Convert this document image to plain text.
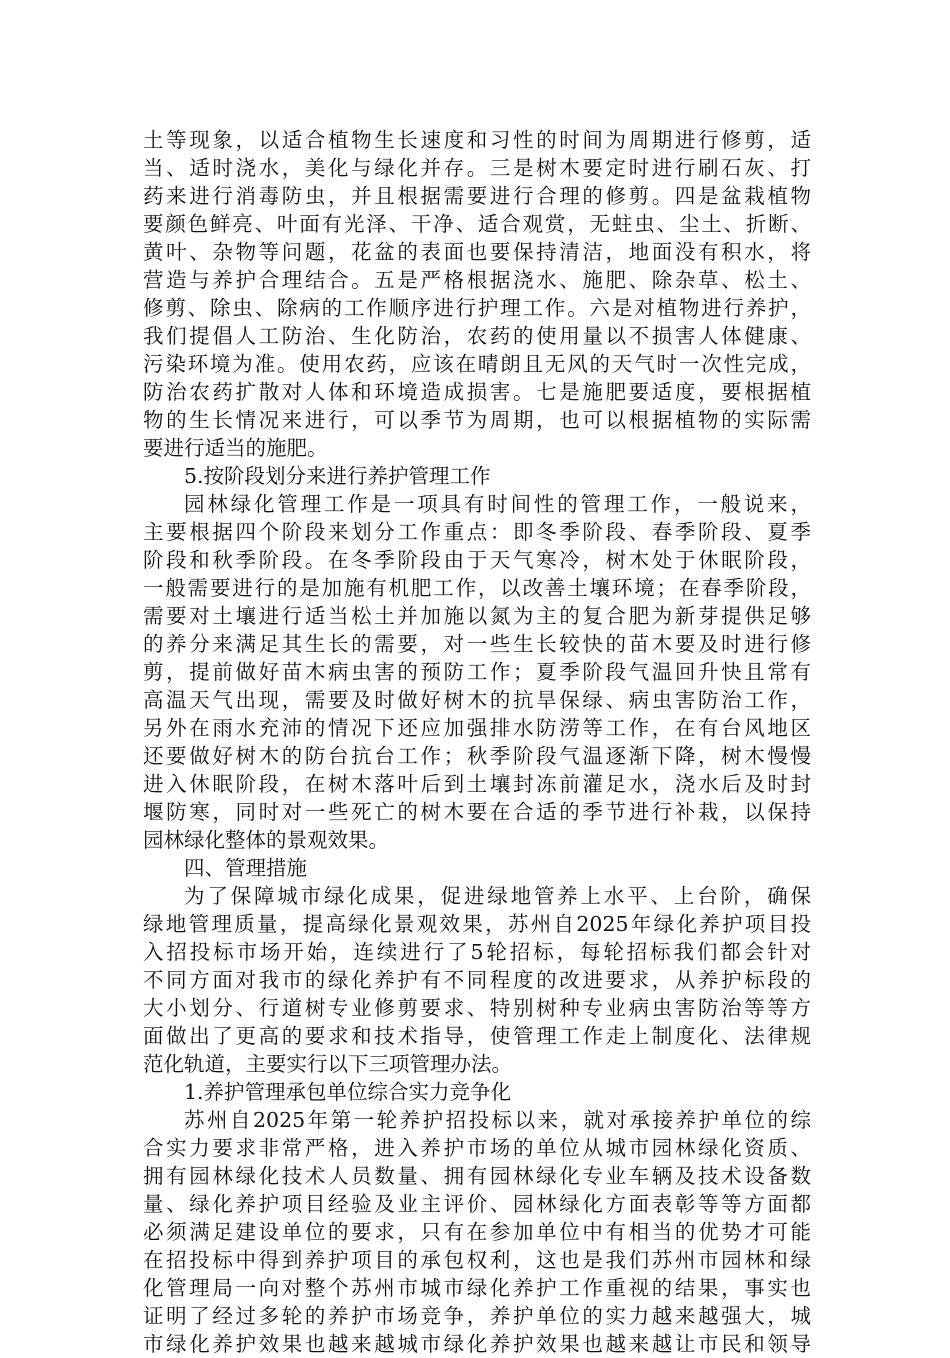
土等现象，以适合植物生长速度和习性的时间为周期进行修剪，适
当、适时浇水，美化与绿化并存。三是树木要定时进行刷石灰、打
药来进行消毒防虫，并且根据需要进行合理的修剪。四是盆栽植物
要颜色鲜亮、叶面有光泽、干净、适合观赏，无蛀虫、尘土、折断、
黄叶、杂物等问题，花盆的表面也要保持清洁，地面没有积水，将
营造与养护合理结合。五是严格根据浇水、施肥、除杂草、松土、
修剪、除虫、除病的工作顺序进行护理工作。六是对植物进行养护，
我们提倡人工防治、生化防治，农药的使用量以不损害人体健康、
污染环境为准。使用农药，应该在晴朗且无风的天气时一次性完成，
防治农药扩散对人体和环境造成损害。七是施肥要适度，要根据植
物的生长情况来进行，可以季节为周期，也可以根据植物的实际需
要进行适当的施肥。
5.按阶段划分来进行养护管理工作
园林绿化管理工作是一项具有时间性的管理工作，一般说来，
主要根据四个阶段来划分工作重点：即冬季阶段、春季阶段、夏季
阶段和秋季阶段。在冬季阶段由于天气寒冷，树木处于休眠阶段，
一般需要进行的是加施有机肥工作，以改善土壤环境；在春季阶段，
需要对土壤进行适当松土并加施以氮为主的复合肥为新芽提供足够
的养分来满足其生长的需要，对一些生长较快的苗木要及时进行修
剪，提前做好苗木病虫害的预防工作；夏季阶段气温回升快且常有
高温天气出现，需要及时做好树木的抗旱保绿、病虫害防治工作，
另外在雨水充沛的情况下还应加强排水防涝等工作，在有台风地区
还要做好树木的防台抗台工作；秋季阶段气温逐渐下降，树木慢慢
进入休眠阶段，在树木落叶后到土壤封冻前灌足水，浇水后及时封
堰防寒，同时对一些死亡的树木要在合适的季节进行补栽，以保持
园林绿化整体的景观效果。
四、管理措施
为了保障城市绿化成果，促进绿地管养上水平、上台阶，确保
绿地管理质量，提高绿化景观效果，苏州自2025年绿化养护项目投
入招投标市场开始，连续进行了5轮招标，每轮招标我们都会针对
不同方面对我市的绿化养护有不同程度的改进要求，从养护标段的
大小划分、行道树专业修剪要求、特别树种专业病虫害防治等等方
面做出了更高的要求和技术指导，使管理工作走上制度化、法律规
范化轨道，主要实行以下三项管理办法。
1.养护管理承包单位综合实力竞争化
苏州自2025年第一轮养护招投标以来，就对承接养护单位的综
合实力要求非常严格，进入养护市场的单位从城市园林绿化资质、
拥有园林绿化技术人员数量、拥有园林绿化专业车辆及技术设备数
量、绿化养护项目经验及业主评价、园林绿化方面表彰等等方面都
必须满足建设单位的要求，只有在参加单位中有相当的优势才可能
在招投标中得到养护项目的承包权利，这也是我们苏州市园林和绿
化管理局一向对整个苏州市城市绿化养护工作重视的结果，事实也
证明了经过多轮的养护市场竞争，养护单位的实力越来越强大，城
市绿化养护效果也越来越城市绿化养护效果也越来越让市民和领导
